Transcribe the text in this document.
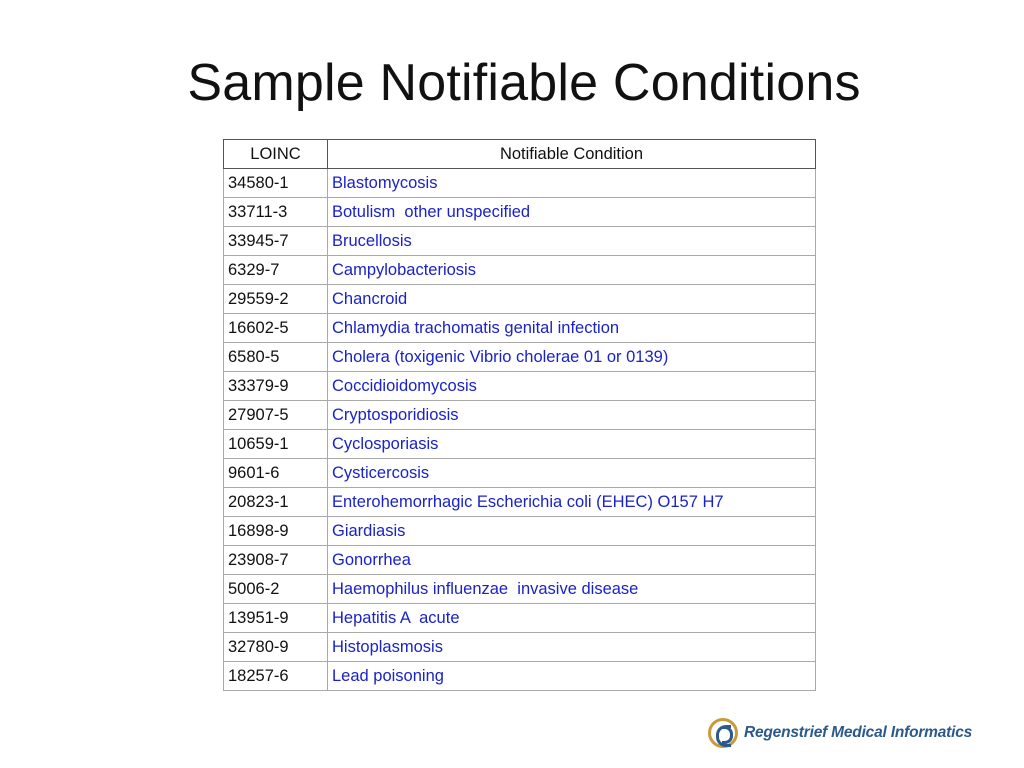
Sample Notifiable Conditions
LOINC	Notifiable Condition
34580-1	Blastomycosis
33711-3	Botulism  other unspecified
33945-7	Brucellosis
6329-7	Campylobacteriosis
29559-2	Chancroid
16602-5	Chlamydia trachomatis genital infection
6580-5	Cholera (toxigenic Vibrio cholerae 01 or 0139)
33379-9	Coccidioidomycosis
27907-5	Cryptosporidiosis
10659-1	Cyclosporiasis
9601-6	Cysticercosis
20823-1	Enterohemorrhagic Escherichia coli (EHEC) O157 H7
16898-9	Giardiasis
23908-7	Gonorrhea
5006-2	Haemophilus influenzae  invasive disease
13951-9	Hepatitis A  acute
32780-9	Histoplasmosis
18257-6	Lead poisoning
Regenstrief Medical Informatics
